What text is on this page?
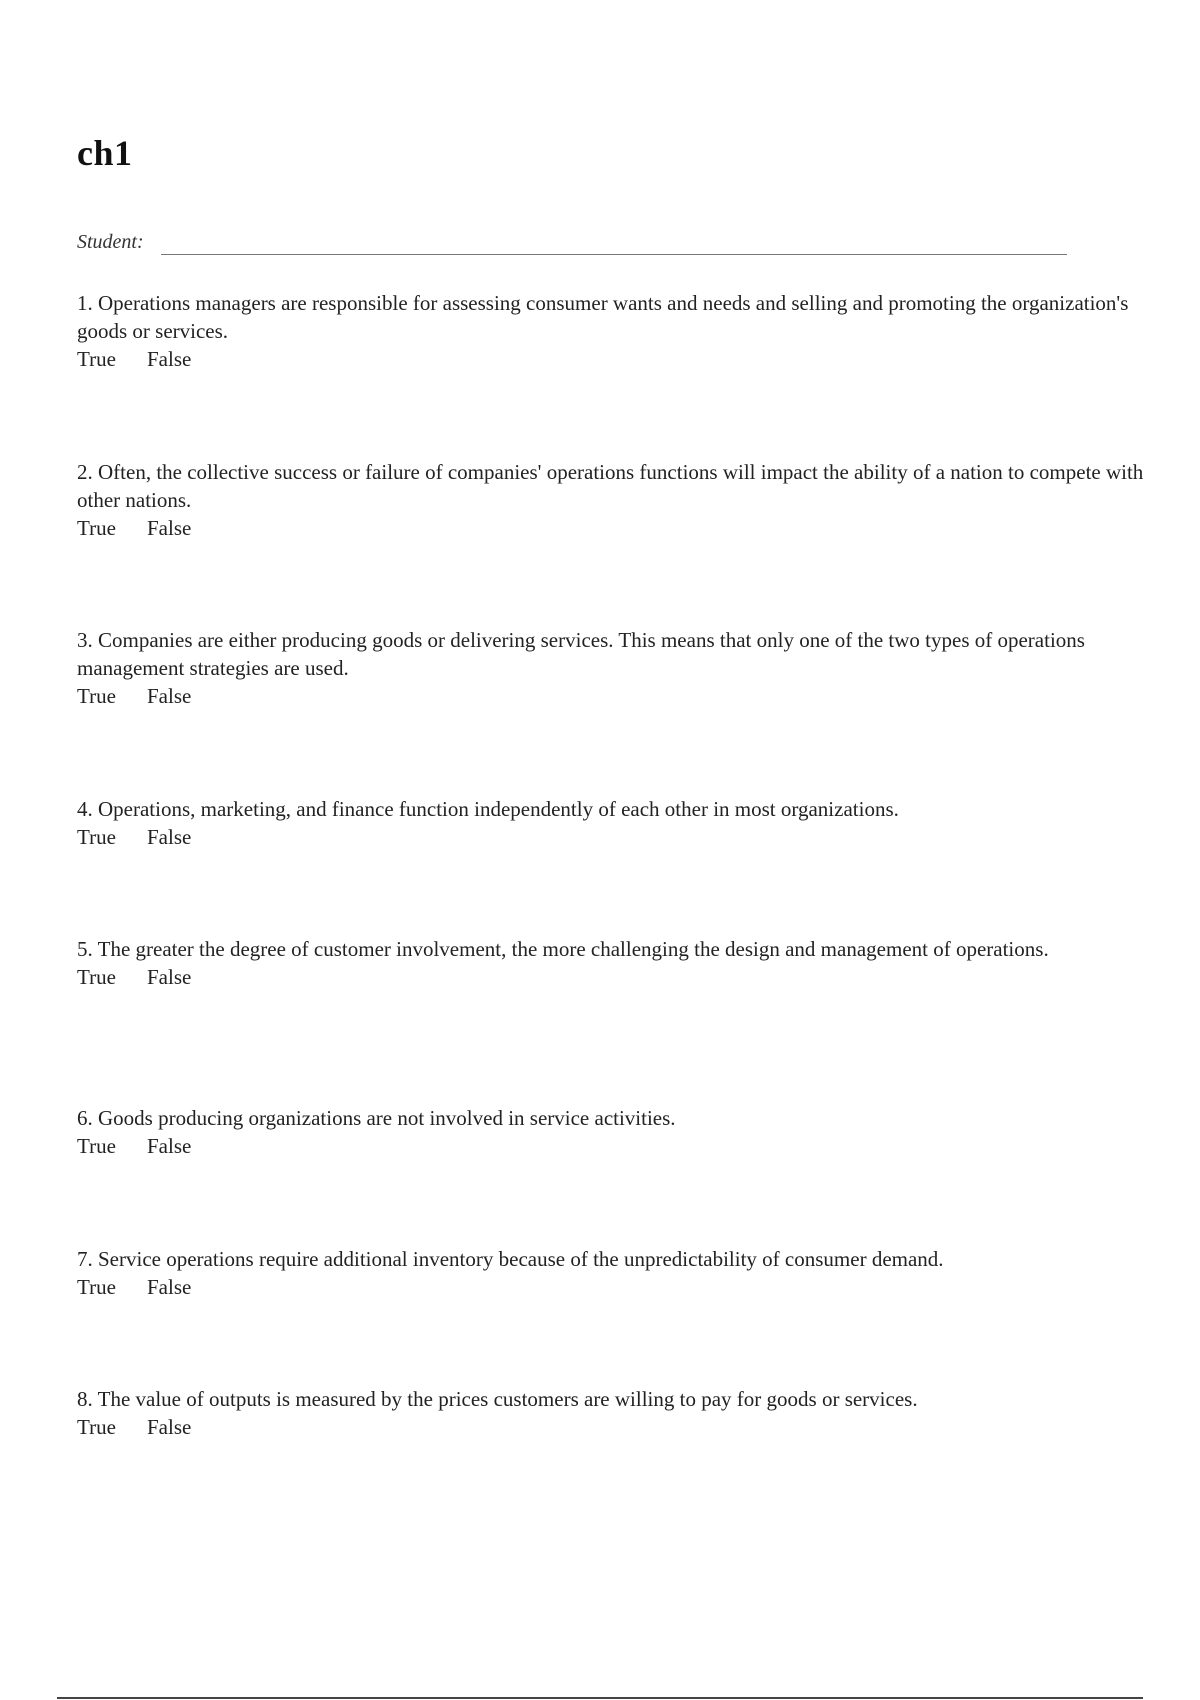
ch1
Student:

1. Operations managers are responsible for assessing consumer wants and needs and selling and promoting the organization's goods or services.

True False

2. Often, the collective success or failure of companies' operations functions will impact the ability of a nation to compete with other nations.

True False

3. Companies are either producing goods or delivering services. This means that only one of the two types of operations management strategies are used.

True False

4. Operations, marketing, and finance function independently of each other in most organizations.

True False

5. The greater the degree of customer involvement, the more challenging the design and management of operations.

True False

6. Goods producing organizations are not involved in service activities.

True False

7. Service operations require additional inventory because of the unpredictability of consumer demand.

True False

8. The value of outputs is measured by the prices customers are willing to pay for goods or services.

True False
